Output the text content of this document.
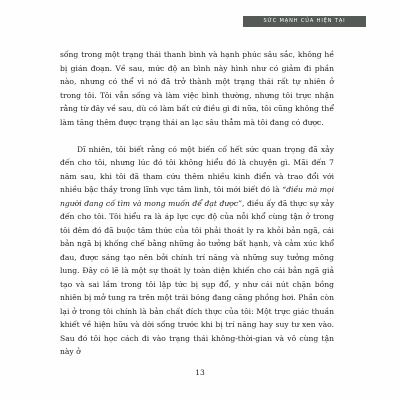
SỨC MẠNH CỦA HIỆN TẠI

sống trong một trạng thái thanh bình và hạnh phúc sâu sắc, không hề bị gián đoạn. Về sau, mức độ an bình này hình như có giảm đi phần nào, nhưng có thể vì nó đã trở thành một trạng thái rất tự nhiên ở trong tôi. Tôi vẫn sống và làm việc bình thường, nhưng tôi trực nhận rằng từ đây về sau, dù có làm bất cứ điều gì đi nữa, tôi cũng không thể làm tăng thêm được trạng thái an lạc sâu thẳm mà tôi đang có được.

Dĩ nhiên, tôi biết rằng có một biến cố hết sức quan trọng đã xảy đến cho tôi, nhưng lúc đó tôi không hiểu đó là chuyện gì. Mãi đến 7 năm sau, khi tôi đã tham cứu thêm nhiều kinh điển và trao đổi với nhiều bậc thầy trong lĩnh vực tâm linh, tôi mới biết đó là “điều mà mọi người đang cố tìm và mong muốn để đạt được”, điều ấy đã thực sự xảy đến cho tôi. Tôi hiểu ra là áp lực cực độ của nỗi khổ cùng tận ở trong tôi đêm đó đã buộc tâm thức của tôi phải thoát ly ra khỏi bản ngã, cái bản ngã bị khống chế bằng những ảo tưởng bất hạnh, và cảm xúc khổ đau, được sáng tạo nên bởi chính trí năng và những suy tưởng mông lung. Đây có lẽ là một sự thoát ly toàn diện khiến cho cái bản ngã giả tạo và sai lầm trong tôi lập tức bị sụp đổ, y như cái nút chặn bồng nhiên bị mở tung ra trên một trái bóng đang căng phồng hơi. Phần còn lại ở trong tôi chính là bản chất đích thực của tôi: Một trực giác thuần khiết về hiện hữu và dời sống trước khi bị trí năng hay suy tư xen vào. Sau đó tôi học cách đi vào trạng thái không-thời-gian và vô cùng tận này ở

13
